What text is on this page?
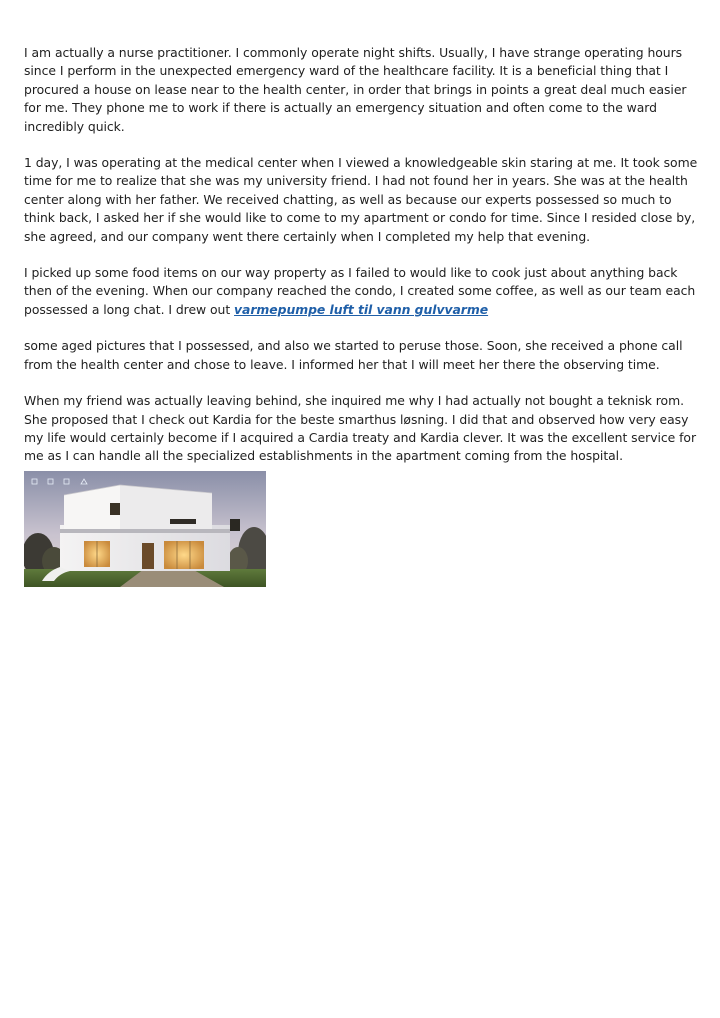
I am actually a nurse practitioner. I commonly operate night shifts. Usually, I have strange operating hours since I perform in the unexpected emergency ward of the healthcare facility. It is a beneficial thing that I procured a house on lease near to the health center, in order that brings in points a great deal much easier for me. They phone me to work if there is actually an emergency situation and often come to the ward incredibly quick.

1 day, I was operating at the medical center when I viewed a knowledgeable skin staring at me. It took some time for me to realize that she was my university friend. I had not found her in years. She was at the health center along with her father. We received chatting, as well as because our experts possessed so much to think back, I asked her if she would like to come to my apartment or condo for time. Since I resided close by, she agreed, and our company went there certainly when I completed my help that evening.

I picked up some food items on our way property as I failed to would like to cook just about anything back then of the evening. When our company reached the condo, I created some coffee, as well as our team each possessed a long chat. I drew out varmepumpe luft til vann gulvvarme

some aged pictures that I possessed, and also we started to peruse those. Soon, she received a phone call from the health center and chose to leave. I informed her that I will meet her there the observing time.

When my friend was actually leaving behind, she inquired me why I had actually not bought a teknisk rom. She proposed that I check out Kardia for the beste smarthus løsning. I did that and observed how very easy my life would certainly become if I acquired a Cardia treaty and Kardia clever. It was the excellent service for me as I can handle all the specialized establishments in the apartment coming from the hospital.
